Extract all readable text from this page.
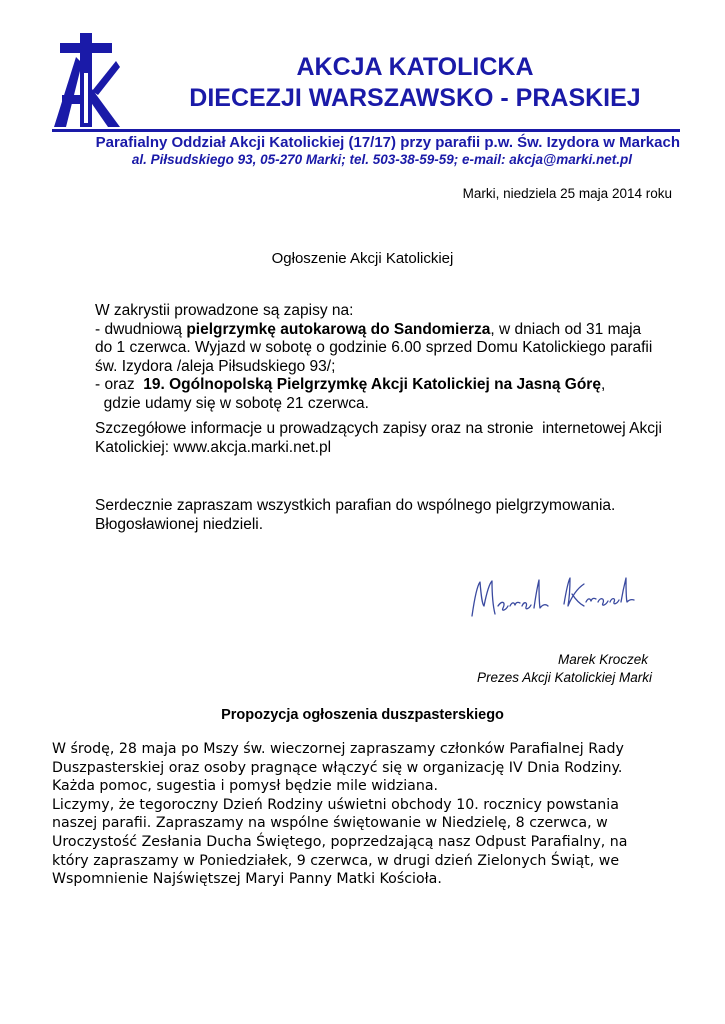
AKCJA KATOLICKA
DIECEZJI WARSZAWSKO - PRASKIEJ
Parafialny Oddział Akcji Katolickiej (17/17) przy parafii p.w. Św. Izydora w Markach
al. Piłsudskiego 93, 05-270 Marki; tel. 503-38-59-59; e-mail: akcja@marki.net.pl
Marki, niedziela 25 maja 2014 roku
Ogłoszenie Akcji Katolickiej
W zakrystii prowadzone są zapisy na:
- dwudniową pielgrzymkę autokarową do Sandomierza, w dniach od 31 maja
do 1 czerwca. Wyjazd w sobotę o godzinie 6.00 sprzed Domu Katolickiego parafii
św. Izydora /aleja Piłsudskiego 93/;
- oraz  19. Ogólnopolską Pielgrzymkę Akcji Katolickiej na Jasną Górę,
gdzie udamy się w sobotę 21 czerwca.
Szczegółowe informacje u prowadzących zapisy oraz na stronie  internetowej Akcji
Katolickiej: www.akcja.marki.net.pl
Serdecznie zapraszam wszystkich parafian do wspólnego pielgrzymowania.
Błogosławionej niedzieli.
Marek Kroczek
Prezes Akcji Katolickiej Marki
Propozycja ogłoszenia duszpasterskiego
W środę, 28 maja po Mszy św. wieczornej zapraszamy członków Parafialnej Rady
Duszpasterskiej oraz osoby pragnące włączyć się w organizację IV Dnia Rodziny.
Każda pomoc, sugestia i pomysł będzie mile widziana.
Liczymy, że tegoroczny Dzień Rodziny uświetni obchody 10. rocznicy powstania
naszej parafii. Zapraszamy na wspólne świętowanie w Niedzielę, 8 czerwca, w
Uroczystość Zesłania Ducha Świętego, poprzedzającą nasz Odpust Parafialny, na
który zapraszamy w Poniedziałek, 9 czerwca, w drugi dzień Zielonych Świąt, we
Wspomnienie Najświętszej Maryi Panny Matki Kościoła.
